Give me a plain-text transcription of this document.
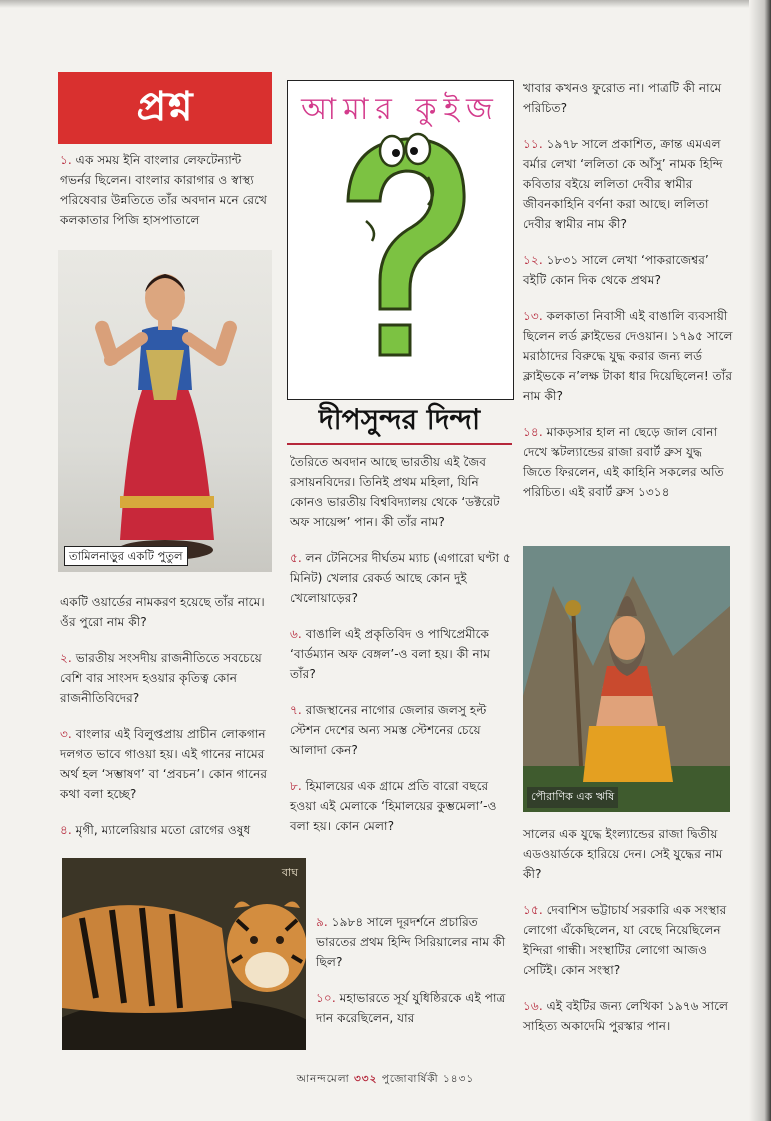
প্রশ্ন

১. এক সময় ইনি বাংলার লেফটেন্যান্ট গভর্নর ছিলেন। বাংলার কারাগার ও স্বাস্থ্য পরিষেবার উন্নতিতে তাঁর অবদান মনে রেখে কলকাতার পিজি হাসপাতালে

তামিলনাড়ুর একটি পুতুল

একটি ওয়ার্ডের নামকরণ হয়েছে তাঁর নামে। ওঁর পুরো নাম কী?

২. ভারতীয় সংসদীয় রাজনীতিতে সবচেয়ে বেশি বার সাংসদ হওয়ার কৃতিত্ব কোন রাজনীতিবিদের?

৩. বাংলার এই বিলুপ্তপ্রায় প্রাচীন লোকগান দলগত ভাবে গাওয়া হয়। এই গানের নামের অর্থ হল ‘সম্ভাষণ’ বা ‘প্রবচন’। কোন গানের কথা বলা হচ্ছে?

৪. মৃগী, ম্যালেরিয়ার মতো রোগের ওষুধ

বাঘ
আমার কুইজ
দীপসুন্দর দিন্দা

তৈরিতে অবদান আছে ভারতীয় এই জৈব রসায়নবিদের। তিনিই প্রথম মহিলা, যিনি কোনও ভারতীয় বিশ্ববিদ্যালয় থেকে ‘ডক্টরেট অফ সায়েন্স’ পান। কী তাঁর নাম?

৫. লন টেনিসের দীর্ঘতম ম্যাচ (এগারো ঘণ্টা ৫ মিনিট) খেলার রেকর্ড আছে কোন দুই খেলোয়াড়ের?

৬. বাঙালি এই প্রকৃতিবিদ ও পাখিপ্রেমীকে ‘বার্ডম্যান অফ বেঙ্গল’-ও বলা হয়। কী নাম তাঁর?

৭. রাজস্থানের নাগোর জেলার জলসু হল্ট স্টেশন দেশের অন্য সমস্ত স্টেশনের চেয়ে আলাদা কেন?

৮. হিমালয়ের এক গ্রামে প্রতি বারো বছরে হওয়া এই মেলাকে ‘হিমালয়ের কুম্ভমেলা’-ও বলা হয়। কোন মেলা?

৯. ১৯৮৪ সালে দূরদর্শনে প্রচারিত ভারতের প্রথম হিন্দি সিরিয়ালের নাম কী ছিল?

১০. মহাভারতে সূর্য যুধিষ্ঠিরকে এই পাত্র দান করেছিলেন, যার

খাবার কখনও ফুরোত না। পাত্রটি কী নামে পরিচিত?

১১. ১৯৭৮ সালে প্রকাশিত, ক্রান্ত এমএল বর্মার লেখা ‘ললিতা কে আঁসু’ নামক হিন্দি কবিতার বইয়ে ললিতা দেবীর স্বামীর জীবনকাহিনি বর্ণনা করা আছে। ললিতা দেবীর স্বামীর নাম কী?

১২. ১৮৩১ সালে লেখা ‘পাকরাজেশ্বর’ বইটি কোন দিক থেকে প্রথম?

১৩. কলকাতা নিবাসী এই বাঙালি ব্যবসায়ী ছিলেন লর্ড ক্লাইভের দেওয়ান। ১৭৯৫ সালে মরাঠাদের বিরুদ্ধে যুদ্ধ করার জন্য লর্ড ক্লাইভকে ন’লক্ষ টাকা ধার দিয়েছিলেন! তাঁর নাম কী?

১৪. মাকড়সার হাল না ছেড়ে জাল বোনা দেখে স্কটল্যান্ডের রাজা রবার্ট ব্রুস যুদ্ধ জিতে ফিরলেন, এই কাহিনি সকলের অতি পরিচিত। এই রবার্ট ব্রুস ১৩১৪

পৌরাণিক এক ঋষি

সালের এক যুদ্ধে ইংল্যান্ডের রাজা দ্বিতীয় এডওয়ার্ডকে হারিয়ে দেন। সেই যুদ্ধের নাম কী?

১৫. দেবাশিস ভট্টাচার্য সরকারি এক সংস্থার লোগো এঁকেছিলেন, যা বেছে নিয়েছিলেন ইন্দিরা গান্ধী। সংস্থাটির লোগো আজও সেটিই। কোন সংস্থা?

১৬. এই বইটির জন্য লেখিকা ১৯৭৬ সালে সাহিত্য অকাদেমি পুরস্কার পান।

আনন্দমেলা ৩৩২ পুজোবার্ষিকী ১৪৩১
